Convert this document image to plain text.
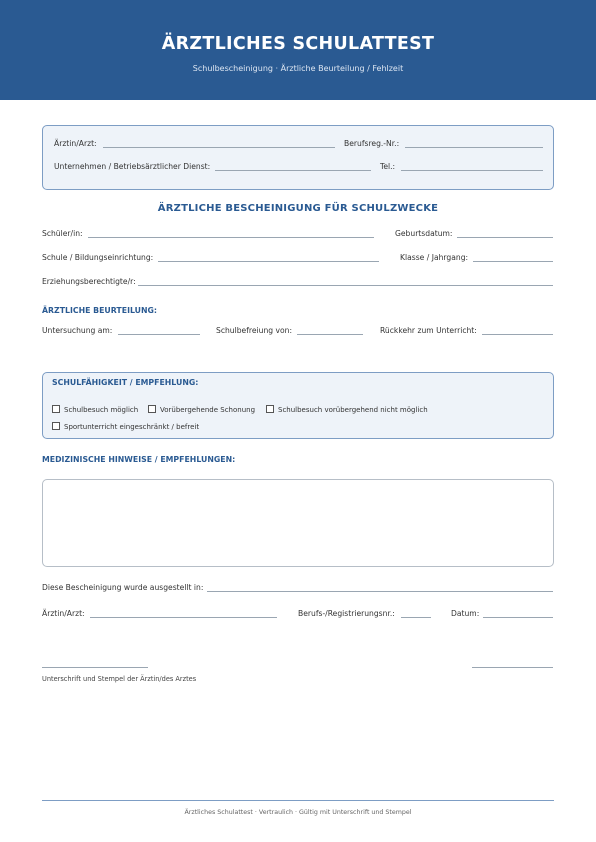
ÄRZTLICHES SCHULATTEST
Schulbescheinigung · Ärztliche Beurteilung / Fehlzeit
Ärztin/Arzt:	Berufsreg.-Nr.:
Unternehmen / Betriebsärztlicher Dienst:	Tel.:
ÄRZTLICHE BESCHEINIGUNG FÜR SCHULZWECKE
Schüler/in:	Geburtsdatum:
Schule / Bildungseinrichtung:	Klasse / Jahrgang:
Erziehungsberechtigte/r:
ÄRZTLICHE BEURTEILUNG:
Untersuchung am:	Schulbefreiung von:	Rückkehr zum Unterricht:
SCHULFÄHIGKEIT / EMPFEHLUNG:
Schulbesuch möglich	Vorübergehende Schonung	Schulbesuch vorübergehend nicht möglich
Sportunterricht eingeschränkt / befreit
MEDIZINISCHE HINWEISE / EMPFEHLUNGEN:
Diese Bescheinigung wurde ausgestellt in:
Ärztin/Arzt:	Berufs-/Registrierungsnr.:	Datum:
Unterschrift und Stempel der Ärztin/des Arztes
Ärztliches Schulattest · Vertraulich · Gültig mit Unterschrift und Stempel
